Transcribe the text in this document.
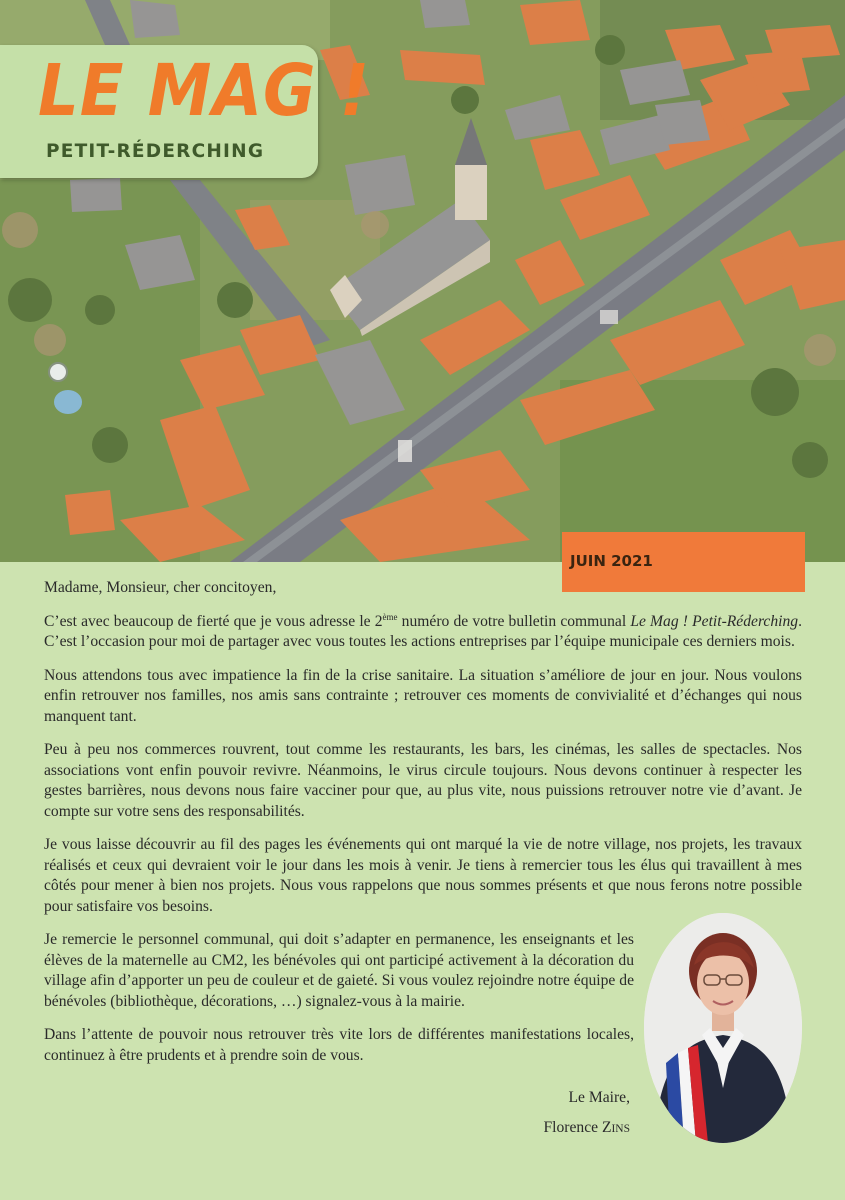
LE MAG !
PETIT-RÉDERCHING
JUIN 2021

Madame, Monsieur, cher concitoyen,

C’est avec beaucoup de fierté que je vous adresse le 2ème numéro de votre bulletin communal Le Mag ! Petit-Réderching. C’est l’occasion pour moi de partager avec vous toutes les actions entreprises par l’équipe municipale ces derniers mois.

Nous attendons tous avec impatience la fin de la crise sanitaire. La situation s’améliore de jour en jour. Nous voulons enfin retrouver nos familles, nos amis sans contrainte ; retrouver ces moments de convivialité et d’échanges qui nous manquent tant.

Peu à peu nos commerces rouvrent, tout comme les restaurants, les bars, les cinémas, les salles de spectacles. Nos associations vont enfin pouvoir revivre. Néanmoins, le virus circule toujours. Nous devons continuer à respecter les gestes barrières, nous devons nous faire vacciner pour que, au plus vite, nous puissions retrouver notre vie d’avant. Je compte sur votre sens des responsabilités.

Je vous laisse découvrir au fil des pages les événements qui ont marqué la vie de notre village, nos projets, les travaux réalisés et ceux qui devraient voir le jour dans les mois à venir. Je tiens à remercier tous les élus qui travaillent à mes côtés pour mener à bien nos projets. Nous vous rappelons que nous sommes présents et que nous ferons notre possible pour satisfaire vos besoins.

Je remercie le personnel communal, qui doit s’adapter en permanence, les enseignants et les élèves de la maternelle au CM2, les bénévoles qui ont participé activement à la décoration du village afin d’apporter un peu de couleur et de gaieté. Si vous voulez rejoindre notre équipe de bénévoles (bibliothèque, décorations, …) signalez-vous à la mairie.

Dans l’attente de pouvoir nous retrouver très vite lors de différentes manifestations locales, continuez à être prudents et à prendre soin de vous.

Le Maire,
Florence ZINS
